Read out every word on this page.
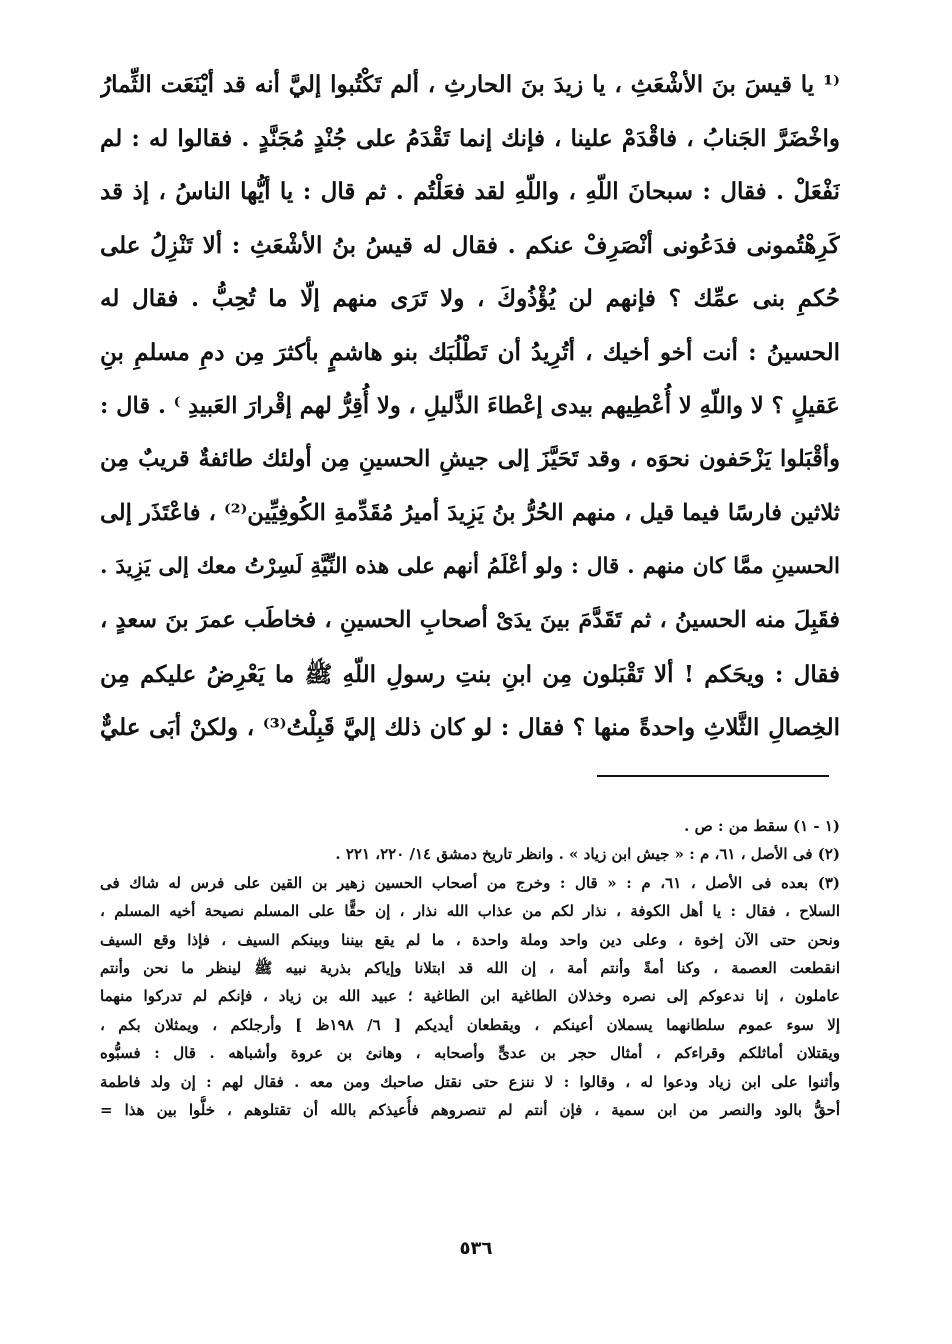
⁽¹ يا قيسَ بنَ الأشْعَثِ ، يا زيدَ بنَ الحارثِ ، ألم تَكْتُبوا إليَّ أنه قد أيْنَعَت الثِّمارُ
واخْضَرَّ الجَنابُ ، فاقْدَمْ علينا ، فإنك إنما تَقْدَمُ على جُنْدٍ مُجَنَّدٍ . فقالوا له : لم
نَفْعَلْ . فقال : سبحانَ اللّهِ ، واللّهِ لقد فعَلْتُم . ثم قال : يا أيُّها الناسُ ، إذ قد
كَرِهْتُمونى فدَعُونى أنْصَرِفْ عنكم . فقال له قيسُ بنُ الأشْعَثِ : ألا تَنْزِلُ على
حُكمِ بنى عمِّك ؟ فإنهم لن يُؤْذُوكَ ، ولا تَرَى منهم إلّا ما تُحِبُّ . فقال له
الحسينُ : أنت أخو أخيك ، أتُرِيدُ أن تَطْلُبَك بنو هاشمٍ بأكثرَ مِن دمِ مسلمِ بنِ
عَقيلٍ ؟ لا واللّهِ لا أُعْطِيهم بيدى إعْطاءَ الذَّليلِ ، ولا أُقِرُّ لهم إقْرارَ العَبيدِ ⁾ . قال :
وأقْبَلوا يَزْحَفون نحوَه ، وقد تَحَيَّزَ إلى جيشِ الحسينِ مِن أولئك طائفةٌ قريبٌ مِن
ثلاثين فارسًا فيما قيل ، منهم الحُرُّ بنُ يَزِيدَ أميرُ مُقَدِّمةِ الكُوفِيِّين⁽²⁾ ، فاعْتَذَر إلى
الحسينِ ممَّا كان منهم . قال : ولو أعْلَمُ أنهم على هذه النِّيَّةِ لَسِرْتُ معك إلى يَزِيدَ .
فقَبِلَ منه الحسينُ ، ثم تَقَدَّمَ بينَ يدَىْ أصحابِ الحسينِ ، فخاطَب عمرَ بنَ سعدٍ ،
فقال : ويحَكم ! ألا تَقْبَلون مِن ابنِ بنتِ رسولِ اللّهِ ﷺ ما يَعْرِضُ عليكم مِن
الخِصالِ الثَّلاثِ واحدةً منها ؟ فقال : لو كان ذلك إليَّ قَبِلْتُ⁽³⁾ ، ولكنْ أبَى عليٌّ
(١ - ١) سقط من : ص .
(٢) فى الأصل ، ٦١، م : « جيش ابن زياد » . وانظر تاريخ دمشق ١٤/ ٢٢٠، ٢٢١ .
(٣) بعده فى الأصل ، ٦١، م : « قال : وخرج من أصحاب الحسين زهير بن القين على فرس له شاك فى
السلاح ، فقال : يا أهل الكوفة ، نذار لكم من عذاب الله نذار ، إن حقًّا على المسلم نصيحة أخيه المسلم ،
ونحن حتى الآن إخوة ، وعلى دين واحد وملة واحدة ، ما لم يقع بيننا وبينكم السيف ، فإذا وقع السيف
انقطعت العصمة ، وكنا أمةً وأنتم أمة ، إن الله قد ابتلانا وإياكم بذرية نبيه ﷺ لينظر ما نحن وأنتم
عاملون ، إنا ندعوكم إلى نصره وخذلان الطاغية ابن الطاغية ؛ عبيد الله بن زياد ، فإنكم لم تدركوا منهما
إلا سوء عموم سلطانهما يسملان أعينكم ، ويقطعان أيديكم [ ٦/ ١٩٨ظ ] وأرجلكم ، ويمثلان بكم ،
ويقتلان أماثلكم وقراءكم ، أمثال حجر بن عدىٍّ وأصحابه ، وهانئ بن عروة وأشباهه . قال : فسبُّوه
وأثنوا على ابن زياد ودعوا له ، وقالوا : لا ننزع حتى نقتل صاحبك ومن معه . فقال لهم : إن ولد فاطمة
أحقُّ بالود والنصر من ابن سمية ، فإن أنتم لم تنصروهم فأُعيذكم بالله أن تقتلوهم ، خلُّوا بين هذا =
٥٣٦
